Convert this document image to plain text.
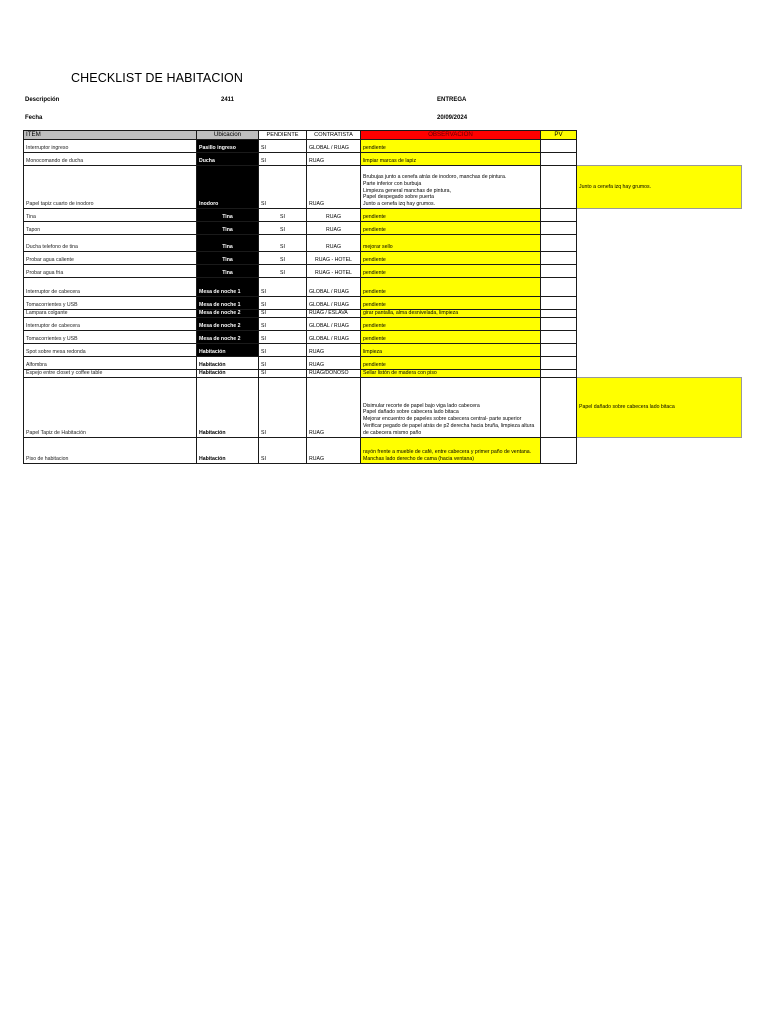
CHECKLIST DE HABITACION
Descripción	2411	ENTREGA
Fecha	20/09/2024
ITEM	Ubicacion	PENDIENTE	CONTRATISTA	OBSERVACION	PV	
Interruptor ingreso	Pasillo ingreso	SI	GLOBAL / RUAG	pendiente		

Monocomando de ducha	Ducha	SI	RUAG	limpiar marcas de lapiz		

Papel tapiz cuarto de inodoro	Inodoro	SI	RUAG	Brubujas junto a cenefa atrás de inodoro, manchas de pintura.
Parte inferior con burbuja
Limpieza general manchas de pintura,
Papel despegado sobre puerta
Junto a cenefa izq hay grumos.		Junto a cenefa izq hay grumos.
Tina	Tina	SI	RUAG	pendiente		

Tapon	Tina	SI	RUAG	pendiente		

Ducha telefono de tina	Tina	SI	RUAG	mejorar sello		

Probar agua caliente	Tina	SI	RUAG - HOTEL	pendiente		

Probar agua fria	Tina	SI	RUAG - HOTEL	pendiente		

Interruptor de cabecera	Mesa de noche 1	SI	GLOBAL / RUAG	pendiente		

Tomacorrientes y USB	Mesa de noche 1	SI	GLOBAL / RUAG	pendiente		

Lampara colgante	Mesa de noche 2	SI	RUAG / ESLAVA	girar pantalla, alma desnivelada, limpieza		

Interruptor de cabecera	Mesa de noche 2	SI	GLOBAL / RUAG	pendiente		

Tomacorrientes y USB	Mesa de noche 2	SI	GLOBAL / RUAG	pendiente		

Spot sobre mesa redonda	Habitación	SI	RUAG	limpieza		

Alfombra	Habitación	SI	RUAG	pendiente		

Espejo entre closet y coffee table	Habitación	SI	RUAG/DONOSO	Sellar listón de madera con piso		

Papel Tapiz de Habitación	Habitación	SI	RUAG	Disimular recorte de papel bajo viga lado cabecera
Papel dañado sobre cabecera lado bitaca
Mejorar encuentro de papeles sobre cabecera central- parte superior
Verificar pegado de papel atrás de p2 derecha hacia bruña, limpieza altura de cabecera mismo paño		Papel dañado sobre cabecera lado bitaca
Piso de habitacion	Habitación	SI	RUAG	rayón frente a mueble de café, entre cabecera y primer paño de ventana.
Manchas lado derecho de cama (hacia ventana)		
